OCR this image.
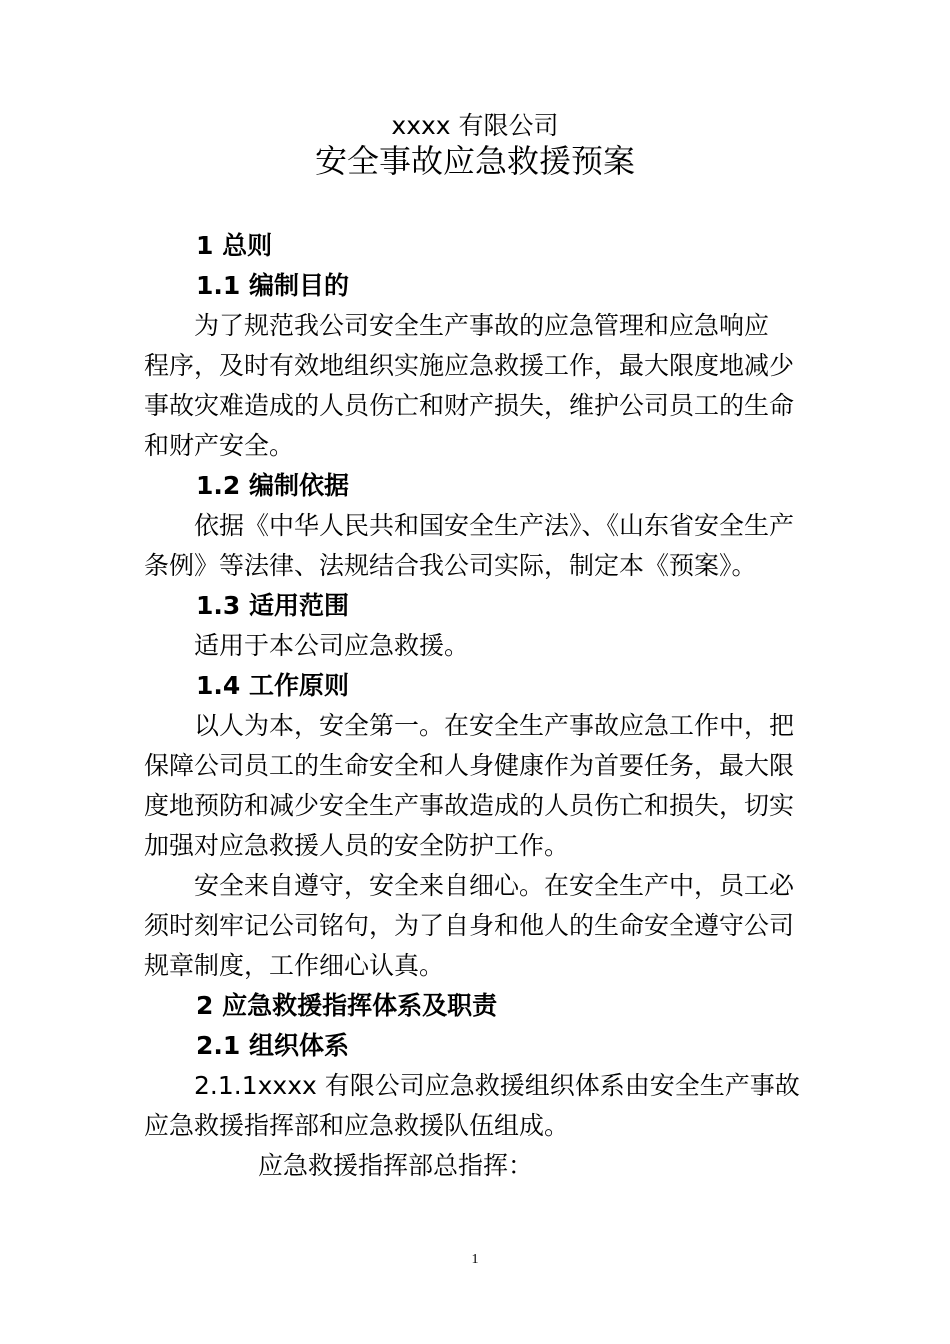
xxxx 有限公司
安全事故应急救援预案

1 总则

1.1 编制目的

为了规范我公司安全生产事故的应急管理和应急响应

程序，及时有效地组织实施应急救援工作，最大限度地减少

事故灾难造成的人员伤亡和财产损失，维护公司员工的生命

和财产安全。

1.2 编制依据

依据《中华人民共和国安全生产法》、《山东省安全生产

条例》等法律、法规结合我公司实际，制定本《预案》。

1.3 适用范围

适用于本公司应急救援。

1.4 工作原则

以人为本，安全第一。在安全生产事故应急工作中，把

保障公司员工的生命安全和人身健康作为首要任务，最大限

度地预防和减少安全生产事故造成的人员伤亡和损失，切实

加强对应急救援人员的安全防护工作。

安全来自遵守，安全来自细心。在安全生产中，员工必

须时刻牢记公司铭句，为了自身和他人的生命安全遵守公司

规章制度，工作细心认真。

2 应急救援指挥体系及职责

2.1 组织体系

2.1.1xxxx 有限公司应急救援组织体系由安全生产事故

应急救援指挥部和应急救援队伍组成。

应急救援指挥部总指挥：

1
